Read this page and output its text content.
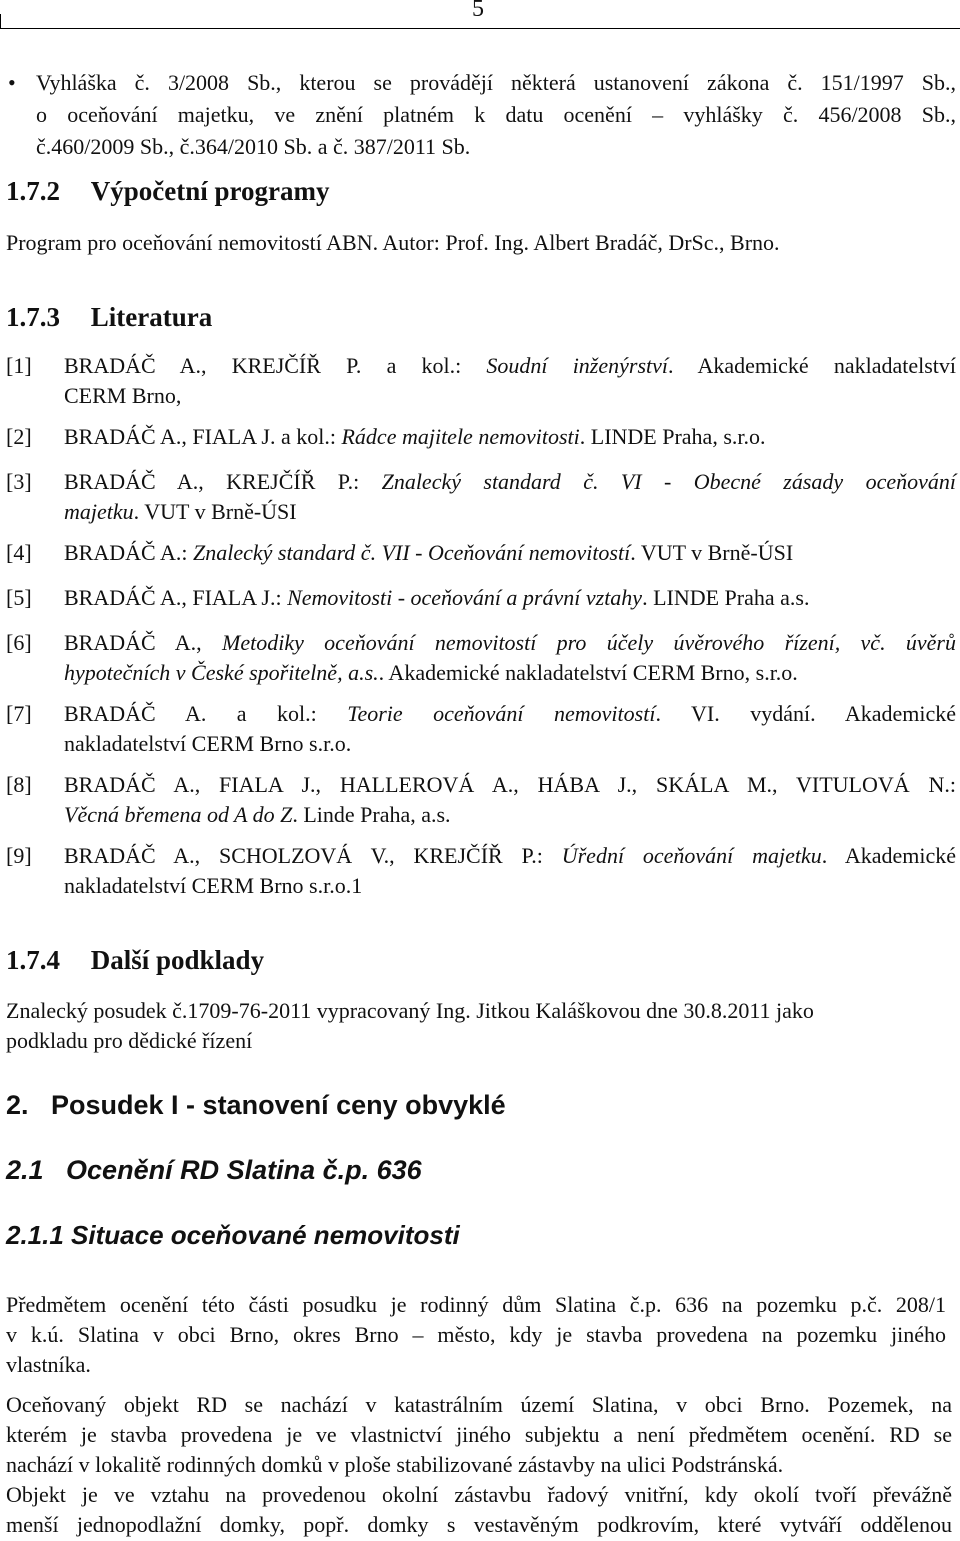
5
• Vyhláška č. 3/2008 Sb., kterou se provádějí některá ustanovení zákona č. 151/1997 Sb.,
o oceňování majetku, ve znění platném k datu ocenění – vyhlášky č. 456/2008 Sb.,
č.460/2009 Sb., č.364/2010 Sb. a č. 387/2011 Sb.
1.7.2 Výpočetní programy
Program pro oceňování nemovitostí ABN. Autor: Prof. Ing. Albert Bradáč, DrSc., Brno.
1.7.3 Literatura
[1] BRADÁČ A., KREJČÍŘ P. a kol.: Soudní inženýrství. Akademické nakladatelství
CERM Brno,
[2] BRADÁČ A., FIALA J. a kol.: Rádce majitele nemovitosti. LINDE Praha, s.r.o.
[3] BRADÁČ A., KREJČÍŘ P.: Znalecký standard č. VI - Obecné zásady oceňování
majetku. VUT v Brně-ÚSI
[4] BRADÁČ A.: Znalecký standard č. VII - Oceňování nemovitostí. VUT v Brně-ÚSI
[5] BRADÁČ A., FIALA J.: Nemovitosti - oceňování a právní vztahy. LINDE Praha a.s.
[6] BRADÁČ A., Metodiky oceňování nemovitostí pro účely úvěrového řízení, vč. úvěrů
hypotečních v České spořitelně, a.s.. Akademické nakladatelství CERM Brno, s.r.o.
[7] BRADÁČ A. a kol.: Teorie oceňování nemovitostí. VI. vydání. Akademické
nakladatelství CERM Brno s.r.o.
[8] BRADÁČ A., FIALA J., HALLEROVÁ A., HÁBA J., SKÁLA M., VITULOVÁ N.:
Věcná břemena od A do Z. Linde Praha, a.s.
[9] BRADÁČ A., SCHOLZOVÁ V., KREJČÍŘ P.: Úřední oceňování majetku. Akademické
nakladatelství CERM Brno s.r.o.1
1.7.4 Další podklady
Znalecký posudek č.1709-76-2011 vypracovaný Ing. Jitkou Kaláškovou dne 30.8.2011 jako
podkladu pro dědické řízení
2.   Posudek I - stanovení ceny obvyklé
2.1   Ocenění RD Slatina č.p. 636
2.1.1 Situace oceňované nemovitosti
Předmětem ocenění této části posudku je rodinný dům Slatina č.p. 636 na pozemku p.č. 208/1
v k.ú. Slatina v obci Brno, okres Brno – město, kdy je stavba provedena na pozemku jiného
vlastníka.
Oceňovaný objekt RD se nachází v katastrálním území Slatina, v obci Brno. Pozemek, na
kterém je stavba provedena je ve vlastnictví jiného subjektu a není předmětem ocenění. RD se
nachází v lokalitě rodinných domků v ploše stabilizované zástavby na ulici Podstránská.
Objekt je ve vztahu na provedenou okolní zástavbu řadový vnitřní, kdy okolí tvoří převážně
menší jednopodlažní domky, popř. domky s vestavěným podkrovím, které vytváří oddělenou
